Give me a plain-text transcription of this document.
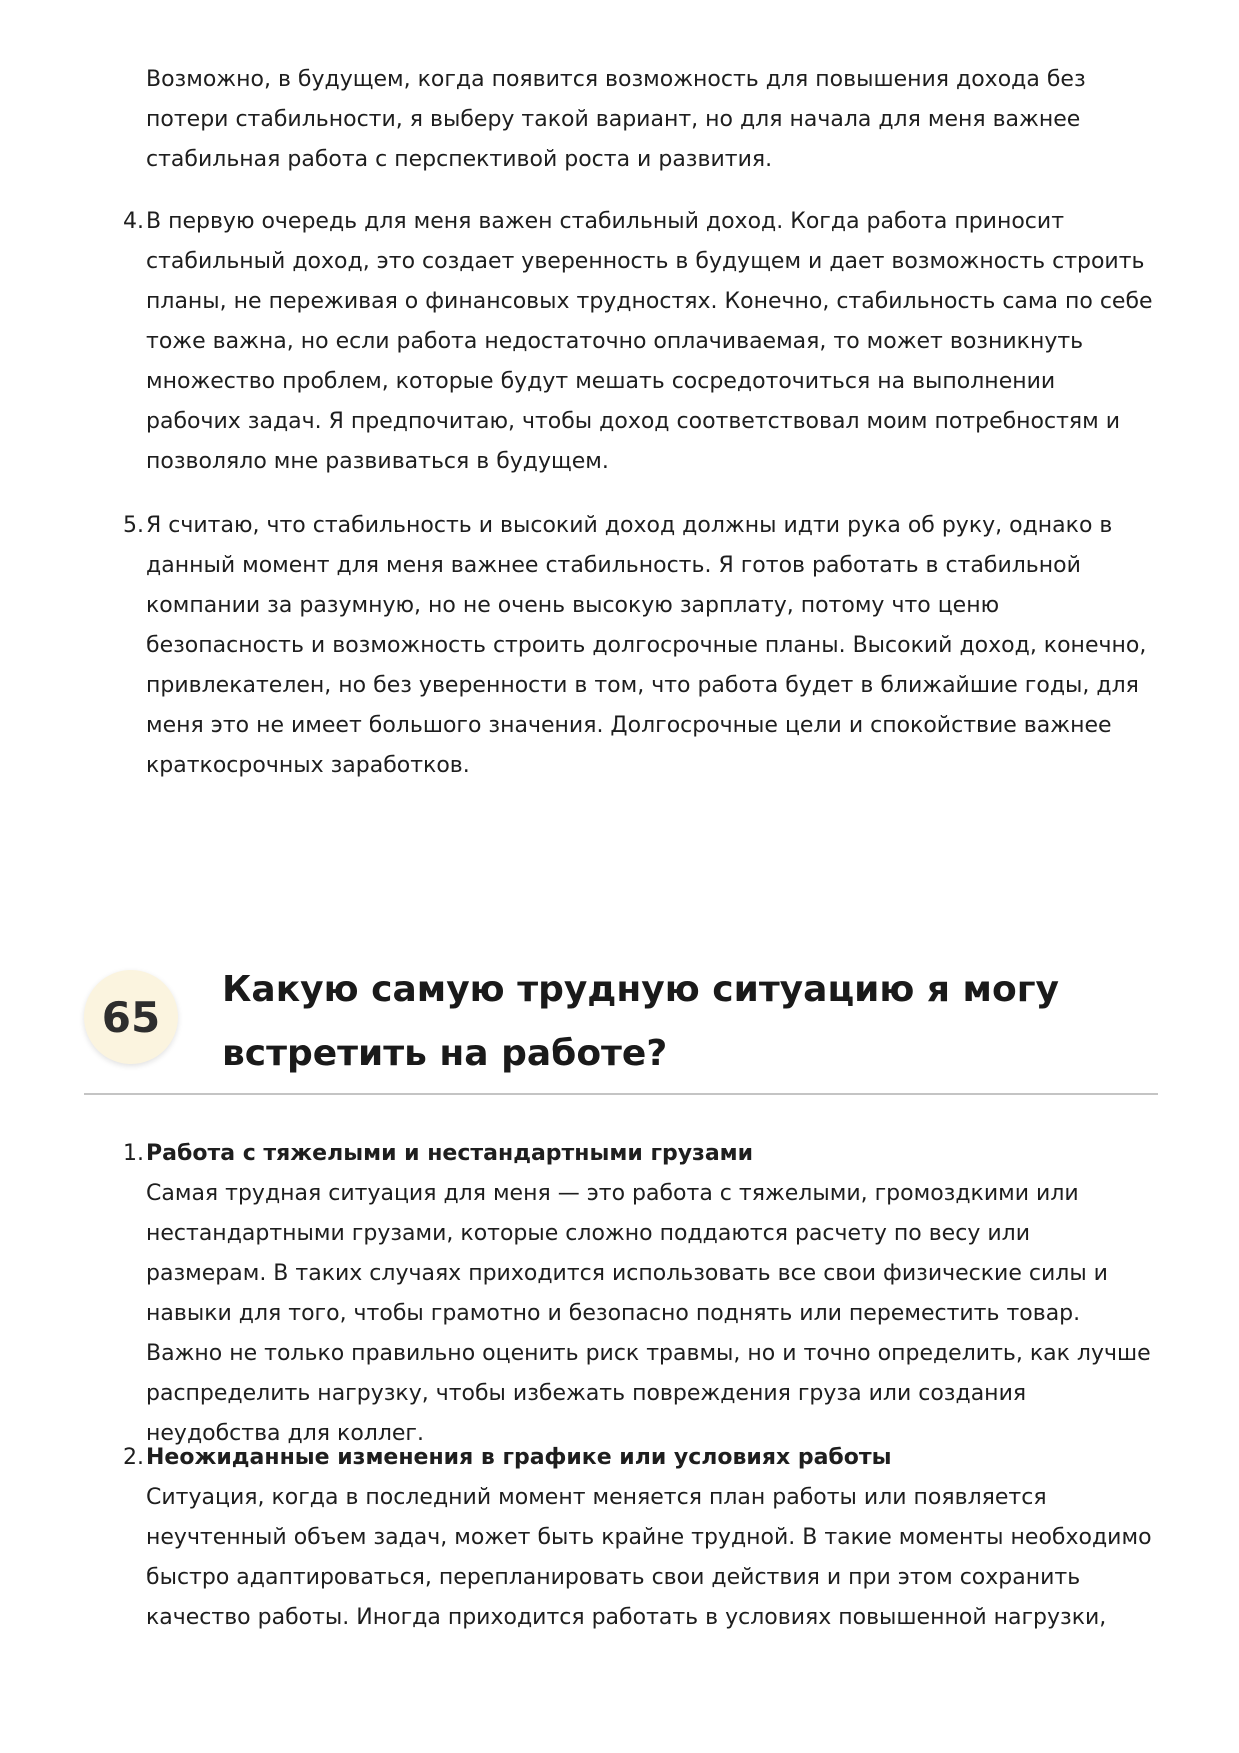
Возможно, в будущем, когда появится возможность для повышения дохода без потери стабильности, я выберу такой вариант, но для начала для меня важнее стабильная работа с перспективой роста и развития.

4. В первую очередь для меня важен стабильный доход. Когда работа приносит стабильный доход, это создает уверенность в будущем и дает возможность строить планы, не переживая о финансовых трудностях. Конечно, стабильность сама по себе тоже важна, но если работа недостаточно оплачиваемая, то может возникнуть множество проблем, которые будут мешать сосредоточиться на выполнении рабочих задач. Я предпочитаю, чтобы доход соответствовал моим потребностям и позволяло мне развиваться в будущем.
5. Я считаю, что стабильность и высокий доход должны идти рука об руку, однако в данный момент для меня важнее стабильность. Я готов работать в стабильной компании за разумную, но не очень высокую зарплату, потому что ценю безопасность и возможность строить долгосрочные планы. Высокий доход, конечно, привлекателен, но без уверенности в том, что работа будет в ближайшие годы, для меня это не имеет большого значения. Долгосрочные цели и спокойствие важнее краткосрочных заработков.
65
Какую самую трудную ситуацию я могу встретить на работе?
1. Работа с тяжелыми и нестандартными грузами
Самая трудная ситуация для меня — это работа с тяжелыми, громоздкими или нестандартными грузами, которые сложно поддаются расчету по весу или размерам. В таких случаях приходится использовать все свои физические силы и навыки для того, чтобы грамотно и безопасно поднять или переместить товар. Важно не только правильно оценить риск травмы, но и точно определить, как лучше распределить нагрузку, чтобы избежать повреждения груза или создания неудобства для коллег.
2. Неожиданные изменения в графике или условиях работы
Ситуация, когда в последний момент меняется план работы или появляется неучтенный объем задач, может быть крайне трудной. В такие моменты необходимо быстро адаптироваться, перепланировать свои действия и при этом сохранить качество работы. Иногда приходится работать в условиях повышенной нагрузки,
